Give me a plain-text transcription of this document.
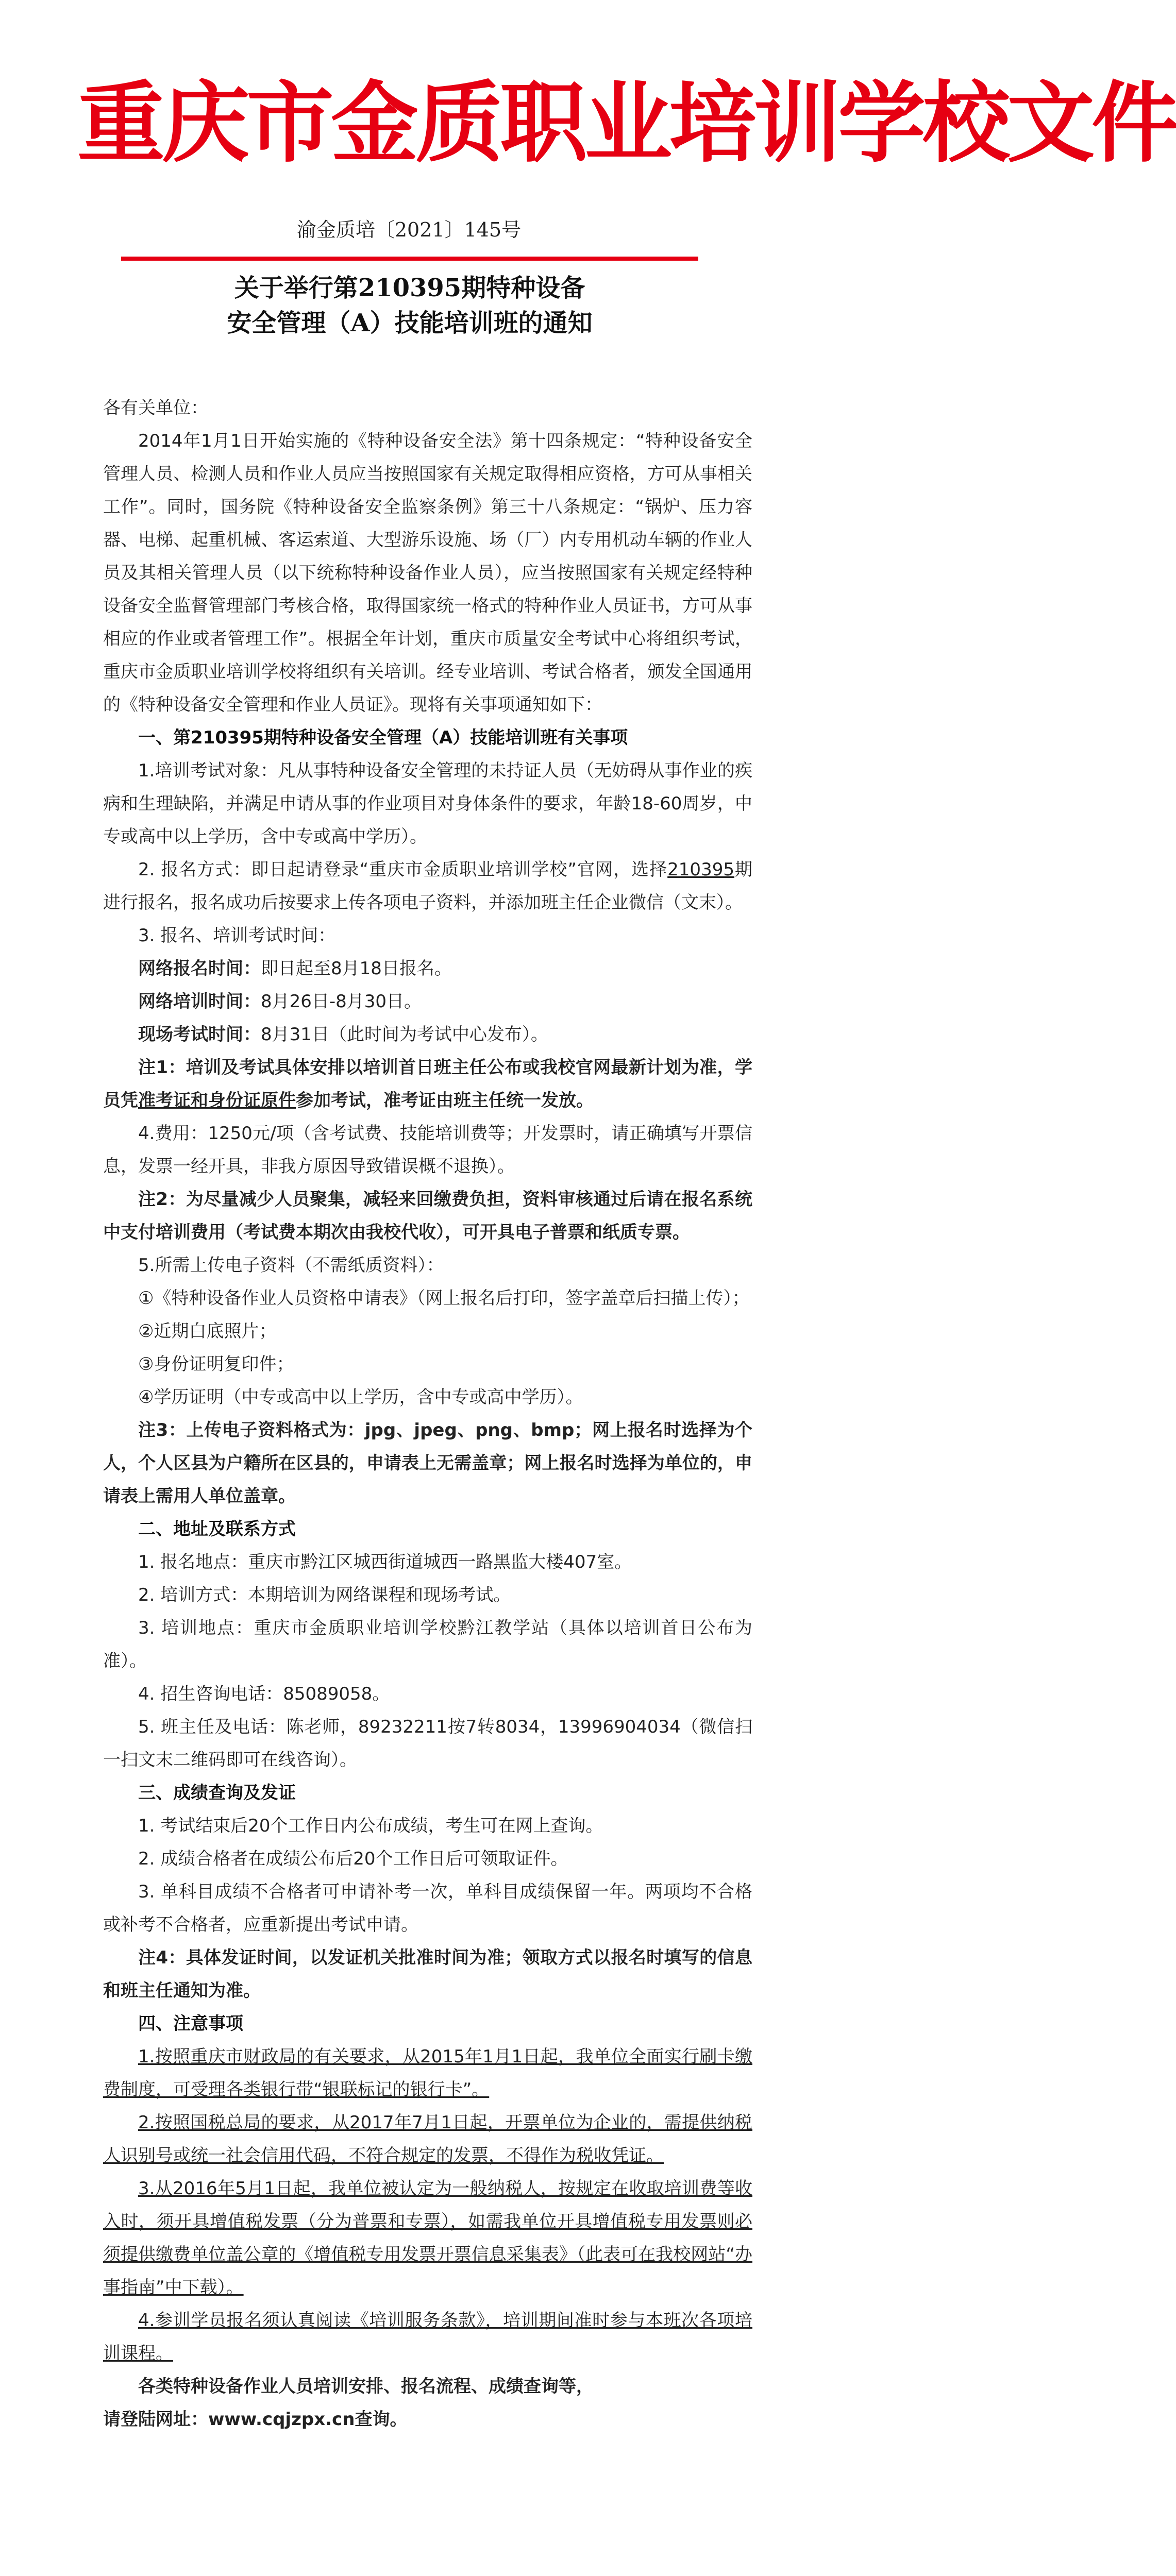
重庆市金质职业培训学校文件
渝金质培〔2021〕145号
关于举行第210395期特种设备
安全管理（A）技能培训班的通知

各有关单位：

2014年1月1日开始实施的《特种设备安全法》第十四条规定：“特种设备安全管理人员、检测人员和作业人员应当按照国家有关规定取得相应资格，方可从事相关工作”。同时，国务院《特种设备安全监察条例》第三十八条规定：“锅炉、压力容器、电梯、起重机械、客运索道、大型游乐设施、场（厂）内专用机动车辆的作业人员及其相关管理人员（以下统称特种设备作业人员），应当按照国家有关规定经特种设备安全监督管理部门考核合格，取得国家统一格式的特种作业人员证书，方可从事相应的作业或者管理工作”。根据全年计划，重庆市质量安全考试中心将组织考试，重庆市金质职业培训学校将组织有关培训。经专业培训、考试合格者，颁发全国通用的《特种设备安全管理和作业人员证》。现将有关事项通知如下：

一、第210395期特种设备安全管理（A）技能培训班有关事项

1.培训考试对象：凡从事特种设备安全管理的未持证人员（无妨碍从事作业的疾病和生理缺陷，并满足申请从事的作业项目对身体条件的要求，年龄18-60周岁，中专或高中以上学历，含中专或高中学历）。

2. 报名方式：即日起请登录“重庆市金质职业培训学校”官网，选择210395期进行报名，报名成功后按要求上传各项电子资料，并添加班主任企业微信（文末）。

3. 报名、培训考试时间：

网络报名时间：即日起至8月18日报名。

网络培训时间：8月26日-8月30日。

现场考试时间：8月31日（此时间为考试中心发布）。

注1：培训及考试具体安排以培训首日班主任公布或我校官网最新计划为准，学员凭准考证和身份证原件参加考试，准考证由班主任统一发放。

4.费用：1250元/项（含考试费、技能培训费等；开发票时，请正确填写开票信息，发票一经开具，非我方原因导致错误概不退换）。

注2：为尽量减少人员聚集，减轻来回缴费负担，资料审核通过后请在报名系统中支付培训费用（考试费本期次由我校代收），可开具电子普票和纸质专票。

5.所需上传电子资料（不需纸质资料）：

①《特种设备作业人员资格申请表》（网上报名后打印，签字盖章后扫描上传）；

②近期白底照片；

③身份证明复印件；

④学历证明（中专或高中以上学历，含中专或高中学历）。

注3：上传电子资料格式为：jpg、jpeg、png、bmp；网上报名时选择为个人，个人区县为户籍所在区县的，申请表上无需盖章；网上报名时选择为单位的，申请表上需用人单位盖章。

二、地址及联系方式

1. 报名地点：重庆市黔江区城西街道城西一路黑监大楼407室。

2. 培训方式：本期培训为网络课程和现场考试。

3. 培训地点：重庆市金质职业培训学校黔江教学站（具体以培训首日公布为准）。

4. 招生咨询电话：85089058。

5. 班主任及电话：陈老师，89232211按7转8034，13996904034（微信扫一扫文末二维码即可在线咨询）。

三、成绩查询及发证

1. 考试结束后20个工作日内公布成绩，考生可在网上查询。

2. 成绩合格者在成绩公布后20个工作日后可领取证件。

3. 单科目成绩不合格者可申请补考一次，单科目成绩保留一年。两项均不合格或补考不合格者，应重新提出考试申请。

注4：具体发证时间，以发证机关批准时间为准；领取方式以报名时填写的信息和班主任通知为准。

四、注意事项

1.按照重庆市财政局的有关要求，从2015年1月1日起，我单位全面实行刷卡缴费制度，可受理各类银行带“银联标记的银行卡”。

2.按照国税总局的要求，从2017年7月1日起，开票单位为企业的，需提供纳税人识别号或统一社会信用代码，不符合规定的发票，不得作为税收凭证。

3.从2016年5月1日起，我单位被认定为一般纳税人，按规定在收取培训费等收入时，须开具增值税发票（分为普票和专票），如需我单位开具增值税专用发票则必须提供缴费单位盖公章的《增值税专用发票开票信息采集表》（此表可在我校网站“办事指南”中下载）。

4.参训学员报名须认真阅读《培训服务条款》，培训期间准时参与本班次各项培训课程。

各类特种设备作业人员培训安排、报名流程、成绩查询等，

请登陆网址：www.cqjzpx.cn查询。
